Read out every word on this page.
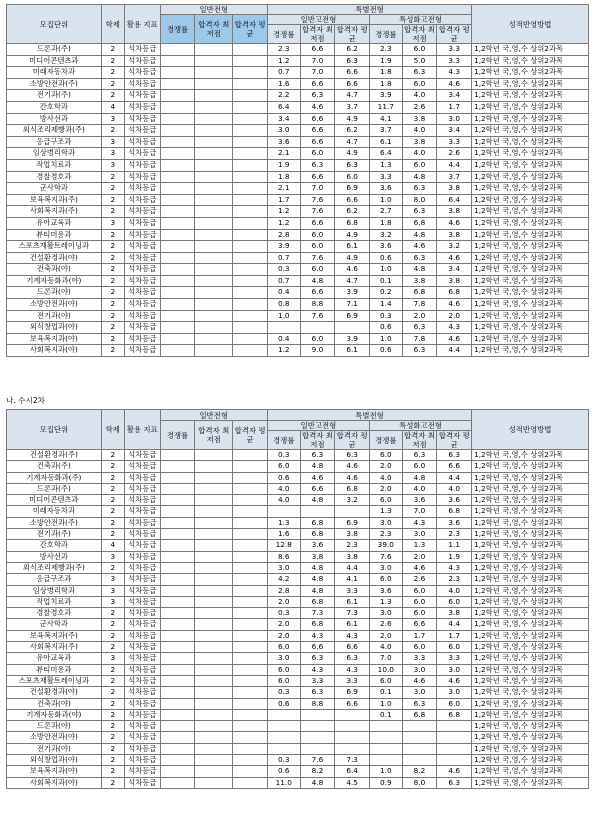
모집단위	학제	활용 지표	일반전형			특별전형						성적반영방법
			경쟁률	합격자 최저점	합격자 평균	일반고전형			특성화고전형			
						경쟁률	합격자 최저점	합격자 평균	경쟁률	합격자 최저점	합격자 평균	
드론과(주)	2	석차등급				2.3	6.6	6.2	2.3	6.0	3.3	1,2학년 국,영,수 상위2과목
미디어콘텐츠과	2	석차등급				1.2	7.0	6.3	1.9	5.0	3.3	1,2학년 국,영,수 상위2과목
미래자동차과	2	석차등급				0.7	7.0	6.6	1.8	6.3	4.3	1,2학년 국,영,수 상위2과목
소방안전과(주)	2	석차등급				1.6	6.6	6.6	1.8	6.0	4.6	1,2학년 국,영,수 상위2과목
전기과(주)	2	석차등급				2.2	6.3	4.7	3.9	4.0	3.4	1,2학년 국,영,수 상위2과목
간호학과	4	석차등급				6.4	4.6	3.7	11.7	2.6	1.7	1,2학년 국,영,수 상위2과목
방사선과	3	석차등급				3.4	6.6	4.9	4.1	3.8	3.0	1,2학년 국,영,수 상위2과목
외식조리제빵과(주)	2	석차등급				3.0	6.6	6.2	3.7	4.0	3.4	1,2학년 국,영,수 상위2과목
응급구조과	3	석차등급				3.6	6.6	4.7	6.1	3.8	3.3	1,2학년 국,영,수 상위2과목
임상병리학과	3	석차등급				2.1	6.0	4.9	6.4	4.0	2.6	1,2학년 국,영,수 상위2과목
작업치료과	3	석차등급				1.9	6.3	6.3	1.3	6.0	4.4	1,2학년 국,영,수 상위2과목
경찰경호과	2	석차등급				1.8	6.6	6.0	3.3	4.8	3.7	1,2학년 국,영,수 상위2과목
군사학과	2	석차등급				2.1	7.0	6.9	3.6	6.3	3.8	1,2학년 국,영,수 상위2과목
보육복지과(주)	2	석차등급				1.7	7.6	6.6	1.0	8.0	6.4	1,2학년 국,영,수 상위2과목
사회복지과(주)	2	석차등급				1.2	7.6	6.2	2.7	6.3	3.8	1,2학년 국,영,수 상위2과목
유아교육과	3	석차등급				1.2	6.6	6.8	1.8	6.8	4.6	1,2학년 국,영,수 상위2과목
뷰티미용과	2	석차등급				2.8	6.0	4.9	3.2	4.8	3.8	1,2학년 국,영,수 상위2과목
스포츠재활트레이닝과	2	석차등급				3.9	6.0	6.1	3.6	4.6	3.2	1,2학년 국,영,수 상위2과목
건설환경과(야)	2	석차등급				0.7	7.6	4.9	0.6	6.3	4.6	1,2학년 국,영,수 상위2과목
건축과(야)	2	석차등급				0.3	6.0	4.6	1.0	4.8	3.4	1,2학년 국,영,수 상위2과목
기계자동화과(야)	2	석차등급				0.7	4.8	4.7	0.1	3.8	3.8	1,2학년 국,영,수 상위2과목
드론과(야)	2	석차등급				0.4	6.6	3.9	0.2	6.8	6.8	1,2학년 국,영,수 상위2과목
소방안전과(야)	2	석차등급				0.8	8.8	7.1	1.4	7.8	4.6	1,2학년 국,영,수 상위2과목
전기과(야)	2	석차등급				1.0	7.6	6.9	0.3	2.0	2.0	1,2학년 국,영,수 상위2과목
외식창업과(야)	2	석차등급							0.6	6.3	4.3	1,2학년 국,영,수 상위2과목
보육복지과(야)	2	석차등급				0.4	6.0	3.9	1.0	7.8	4.6	1,2학년 국,영,수 상위2과목
사회복지과(야)	2	석차등급				1.2	9.0	6.1	0.6	6.3	4.4	1,2학년 국,영,수 상위2과목
나. 수시2차
모집단위	학제	활용 지표	일반전형			특별전형						성적반영방법
			경쟁률	합격자 최저점	합격자 평균	일반고전형			특성화고전형			
						경쟁률	합격자 최저점	합격자 평균	경쟁률	합격자 최저점	합격자 평균	
건설환경과(주)	2	석차등급				0.3	6.3	6.3	6.0	6.3	6.3	1,2학년 국,영,수 상위2과목
건축과(주)	2	석차등급				6.0	4.8	4.6	2.0	6.0	6.6	1,2학년 국,영,수 상위2과목
기계자동화과(주)	2	석차등급				0.6	4.6	4.6	4.0	4.8	4.4	1,2학년 국,영,수 상위2과목
드론과(주)	2	석차등급				4.0	6.6	6.8	2.0	4.0	4.0	1,2학년 국,영,수 상위2과목
미디어콘텐츠과	2	석차등급				4.0	4.8	3.2	6.0	3.6	3.6	1,2학년 국,영,수 상위2과목
미래자동차과	2	석차등급							1.3	7.0	6.8	1,2학년 국,영,수 상위2과목
소방안전과(주)	2	석차등급				1.3	6.8	6.9	3.0	4.3	3.6	1,2학년 국,영,수 상위2과목
전기과(주)	2	석차등급				1.6	6.8	3.8	2.3	3.0	2.3	1,2학년 국,영,수 상위2과목
간호학과	4	석차등급				12.8	3.6	2.3	39.0	1.3	1.1	1,2학년 국,영,수 상위2과목
방사선과	3	석차등급				8.6	3.8	3.8	7.6	2.0	1.9	1,2학년 국,영,수 상위2과목
외식조리제빵과(주)	2	석차등급				3.0	4.8	4.4	3.0	4.6	4.3	1,2학년 국,영,수 상위2과목
응급구조과	3	석차등급				4.2	4.8	4.1	6.0	2.6	2.3	1,2학년 국,영,수 상위2과목
임상병리학과	3	석차등급				2.8	4.8	3.3	3.6	6.0	4.0	1,2학년 국,영,수 상위2과목
작업치료과	3	석차등급				2.0	6.8	6.1	1.3	6.0	6.0	1,2학년 국,영,수 상위2과목
경찰경호과	2	석차등급				0.3	7.3	7.3	3.0	6.0	3.8	1,2학년 국,영,수 상위2과목
군사학과	2	석차등급				2.0	6.8	6.1	2.6	6.6	4.4	1,2학년 국,영,수 상위2과목
보육복지과(주)	2	석차등급				2.0	4.3	4.3	2.0	1.7	1.7	1,2학년 국,영,수 상위2과목
사회복지과(주)	2	석차등급				6.0	6.6	6.6	4.0	6.0	6.0	1,2학년 국,영,수 상위2과목
유아교육과	3	석차등급				3.0	6.3	6.3	7.0	3.3	3.3	1,2학년 국,영,수 상위2과목
뷰티미용과	2	석차등급				6.0	4.3	4.3	10.0	3.0	3.0	1,2학년 국,영,수 상위2과목
스포츠재활트레이닝과	2	석차등급				6.0	3.3	3.3	6.0	4.6	4.6	1,2학년 국,영,수 상위2과목
건설환경과(야)	2	석차등급				0.3	6.3	6.9	0.1	3.0	3.0	1,2학년 국,영,수 상위2과목
건축과(야)	2	석차등급				0.6	8.8	6.6	1.0	6.3	6.0	1,2학년 국,영,수 상위2과목
기계자동화과(야)	2	석차등급							0.1	6.8	6.8	1,2학년 국,영,수 상위2과목
드론과(야)	2	석차등급										1,2학년 국,영,수 상위2과목
소방안전과(야)	2	석차등급										1,2학년 국,영,수 상위2과목
전기과(야)	2	석차등급										1,2학년 국,영,수 상위2과목
외식창업과(야)	2	석차등급				0.3	7.6	7.3				1,2학년 국,영,수 상위2과목
보육복지과(야)	2	석차등급				0.6	8.2	6.4	1.0	8.2	4.6	1,2학년 국,영,수 상위2과목
사회복지과(야)	2	석차등급				11.0	4.8	4.5	0.9	8.0	6.3	1,2학년 국,영,수 상위2과목
